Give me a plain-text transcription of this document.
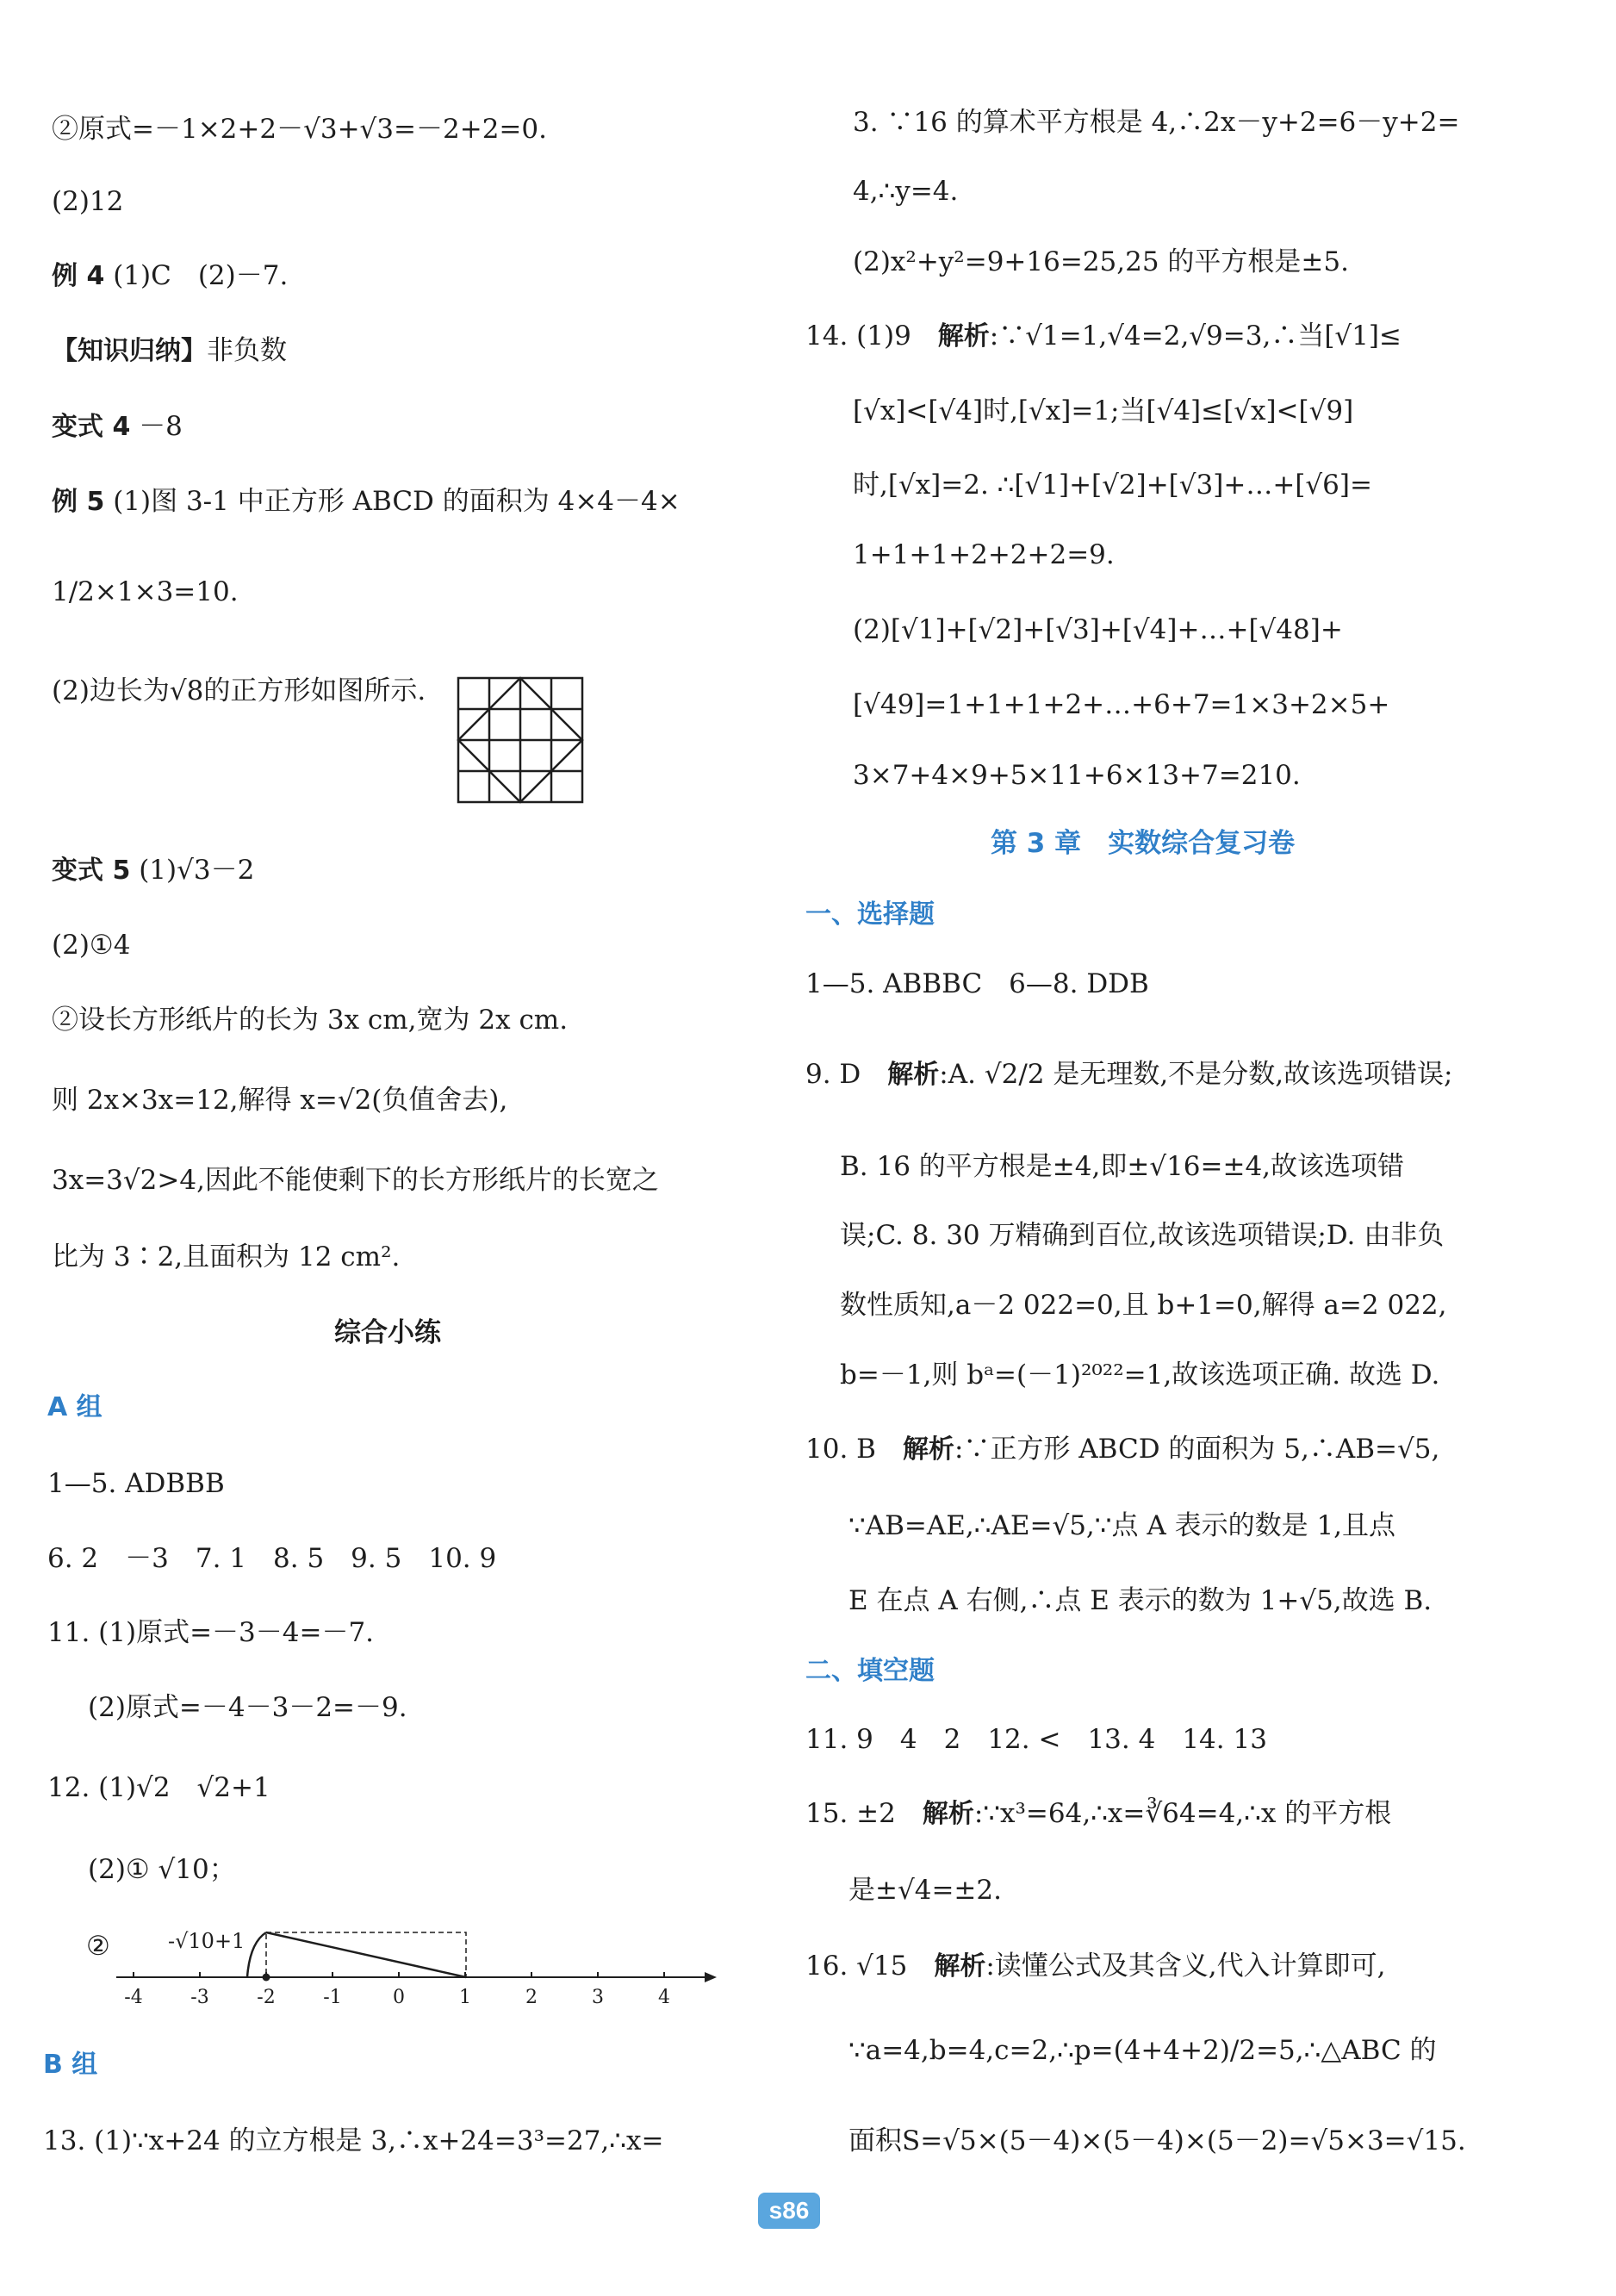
②原式=－1×2+2－√3+√3=－2+2=0.
(2)12
例 4 (1)C　(2)－7.
【知识归纳】非负数
变式 4 －8
例 5 (1)图 3-1 中正方形 ABCD 的面积为 4×4－4×
1/2×1×3=10.
(2)边长为√8的正方形如图所示.
变式 5 (1)√3－2
(2)①4
②设长方形纸片的长为 3x cm,宽为 2x cm.
则 2x×3x=12,解得 x=√2(负值舍去),
3x=3√2>4,因此不能使剩下的长方形纸片的长宽之
比为 3∶2,且面积为 12 cm².
综合小练
A 组
1—5. ADBBB
6. 2　－3　7. 1　8. 5　9. 5　10. 9
11. (1)原式=－3－4=－7.
(2)原式=－4－3－2=－9.
12. (1)√2　√2+1
(2)① √10；
②	-√10+1
-4	-3	-2	-1	0	1	2	3	4
B 组
13. (1)∵x+24 的立方根是 3,∴x+24=3³=27,∴x=
3. ∵16 的算术平方根是 4,∴2x－y+2=6－y+2=
4,∴y=4.
(2)x²+y²=9+16=25,25 的平方根是±5.
14. (1)9　解析:∵√1=1,√4=2,√9=3,∴当[√1]≤
[√x]<[√4]时,[√x]=1;当[√4]≤[√x]<[√9]
时,[√x]=2. ∴[√1]+[√2]+[√3]+…+[√6]=
1+1+1+2+2+2=9.
(2)[√1]+[√2]+[√3]+[√4]+…+[√48]+
[√49]=1+1+1+2+…+6+7=1×3+2×5+
3×7+4×9+5×11+6×13+7=210.
第 3 章　实数综合复习卷
一、选择题
1—5. ABBBC　6—8. DDB
9. D　解析:A. √2/2 是无理数,不是分数,故该选项错误;
B. 16 的平方根是±4,即±√16=±4,故该选项错
误;C. 8. 30 万精确到百位,故该选项错误;D. 由非负
数性质知,a－2 022=0,且 b+1=0,解得 a=2 022,
b=－1,则 bᵃ=(－1)²⁰²²=1,故该选项正确. 故选 D.
10. B　解析:∵正方形 ABCD 的面积为 5,∴AB=√5,
∵AB=AE,∴AE=√5,∵点 A 表示的数是 1,且点
E 在点 A 右侧,∴点 E 表示的数为 1+√5,故选 B.
二、填空题
11. 9　4　2　12. <　13. 4　14. 13
15. ±2　解析:∵x³=64,∴x=∛64=4,∴x 的平方根
是±√4=±2.
16. √15　解析:读懂公式及其含义,代入计算即可,
∵a=4,b=4,c=2,∴p=(4+4+2)/2=5,∴△ABC 的
面积S=√5×(5－4)×(5－4)×(5－2)=√5×3=√15.
s86
